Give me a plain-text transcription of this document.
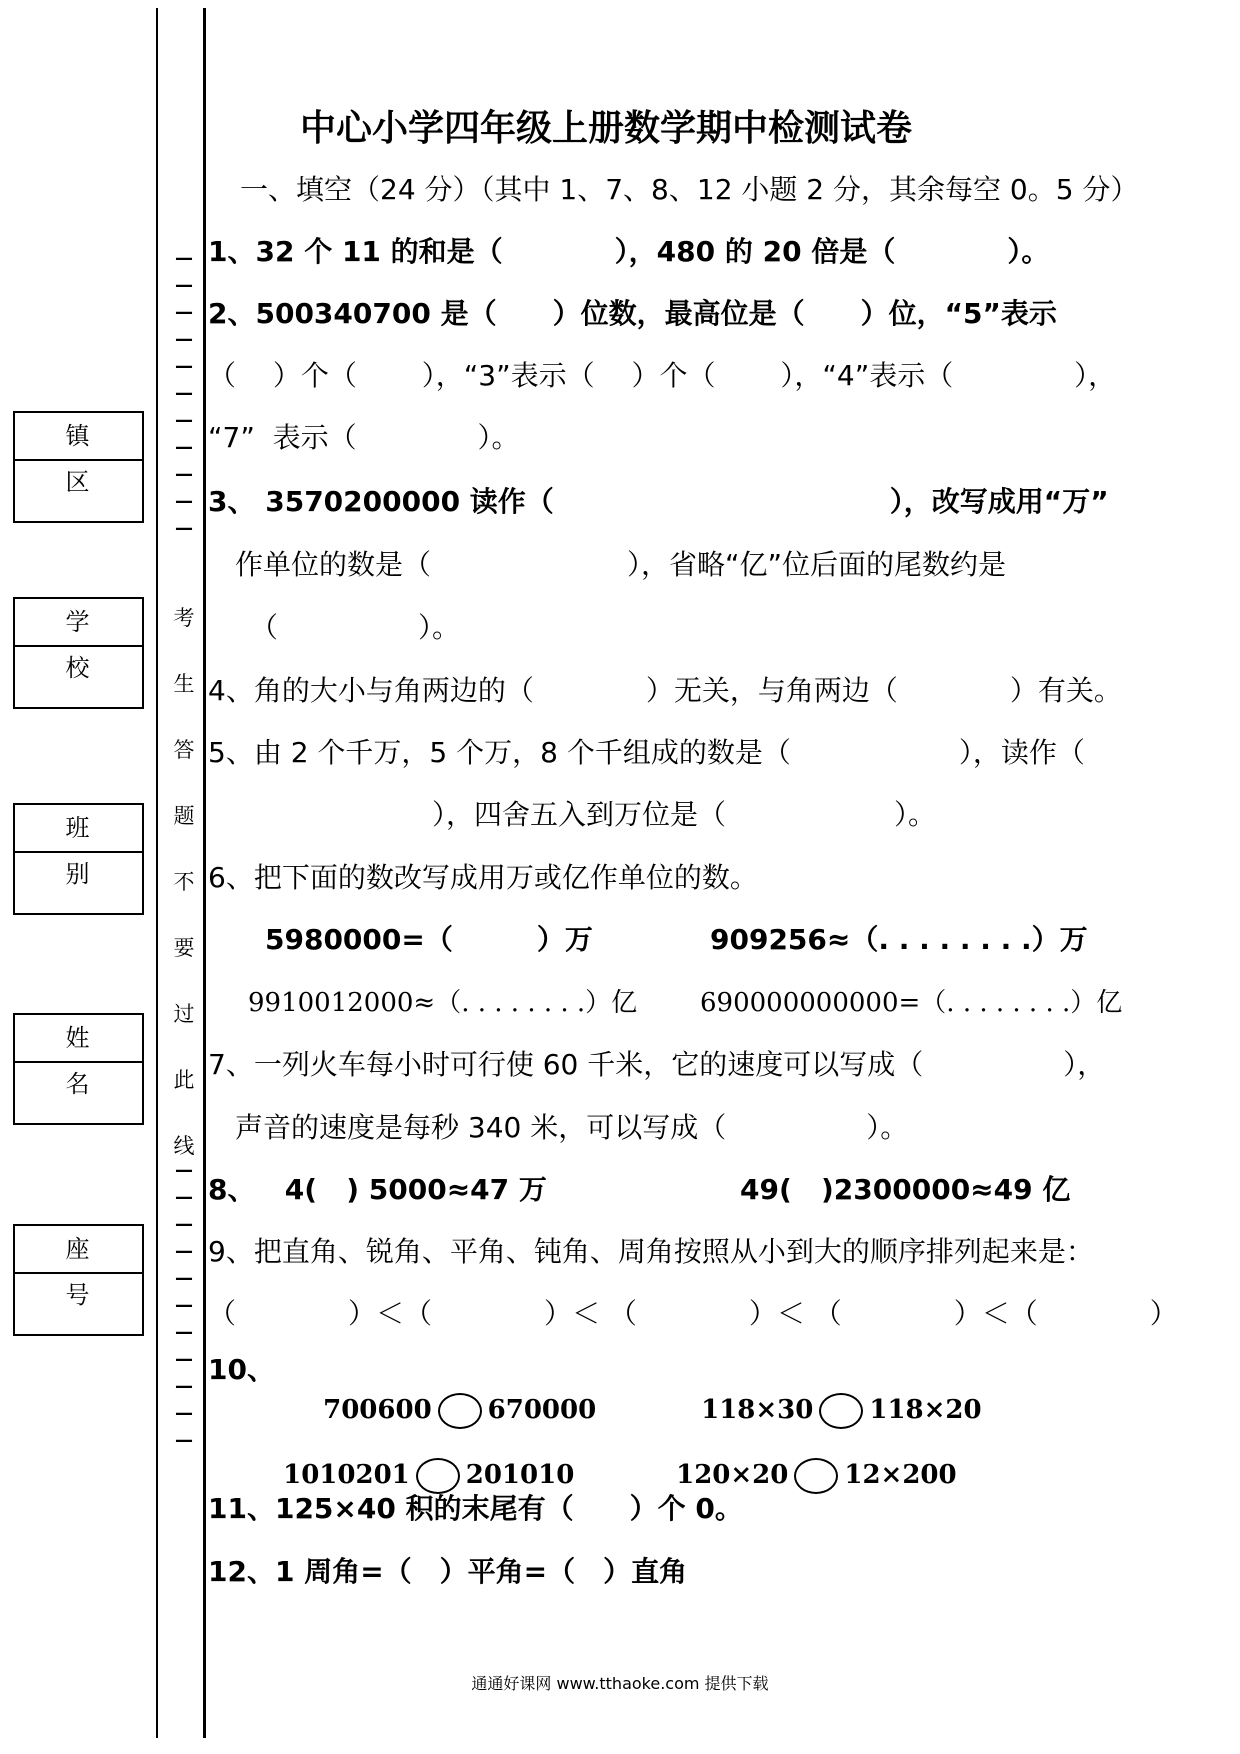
—
—
—
—
—
—
—
—
—
—
—
考
生
答
题
不
要
过
此
线
—
—
—
—
—
—
—
—
—
—
—
镇 区
学 校
班 别
姓 名
座 号
中心小学四年级上册数学期中检测试卷
一、填空（24 分）（其中 1、7、8、12 小题 2 分，其余每空 0。5 分）
1、32 个 11 的和是（　　　　），480 的 20 倍是（　　　　）。
2、500340700 是（　　）位数，最高位是（　　）位，“5”表示
（　 ）个（　　 ），“3”表示（　 ）个（　　 ），“4”表示（　　　　 ），
“7”  表示（　　　　 ）。
3、 3570200000 读作（　　　　　　　　　　　　），改写成用“万”
作单位的数是（　　　　　　　），省略“亿”位后面的尾数约是
（　　　　　）。
4、角的大小与角两边的（　　　　）无关，与角两边（　　　　）有关。
5、由 2 个千万，5 个万，8 个千组成的数是（　　　　　　），读作（
　　　　　　　　），四舍五入到万位是（　　　　　　）。
6、把下面的数改写成用万或亿作单位的数。
5980000=（　　　）万	909256≈（. . . . . . . .）万
9910012000≈（. . . . . . . .）亿 690000000000=（. . . . . . . .）亿
7、一列火车每小时可行使 60 千米，它的速度可以写成（　　　　　），
声音的速度是每秒 340 米，可以写成（　　　　　）。
8、   4(   ) 5000≈47 万	49(   )2300000≈49 亿
9、把直角、锐角、平角、钝角、周角按照从小到大的顺序排列起来是：
（　　　　）＜（　　　　）＜ （　　　　）＜ （　　　　）＜（　　　　）
10、

700600 670000	118×30 118×20

1010201 201010	120×20 12×200

11、125×40 积的末尾有（　　）个 0。
12、1 周角=（　）平角=（　）直角
通通好课网 www.tthaoke.com 提供下载
